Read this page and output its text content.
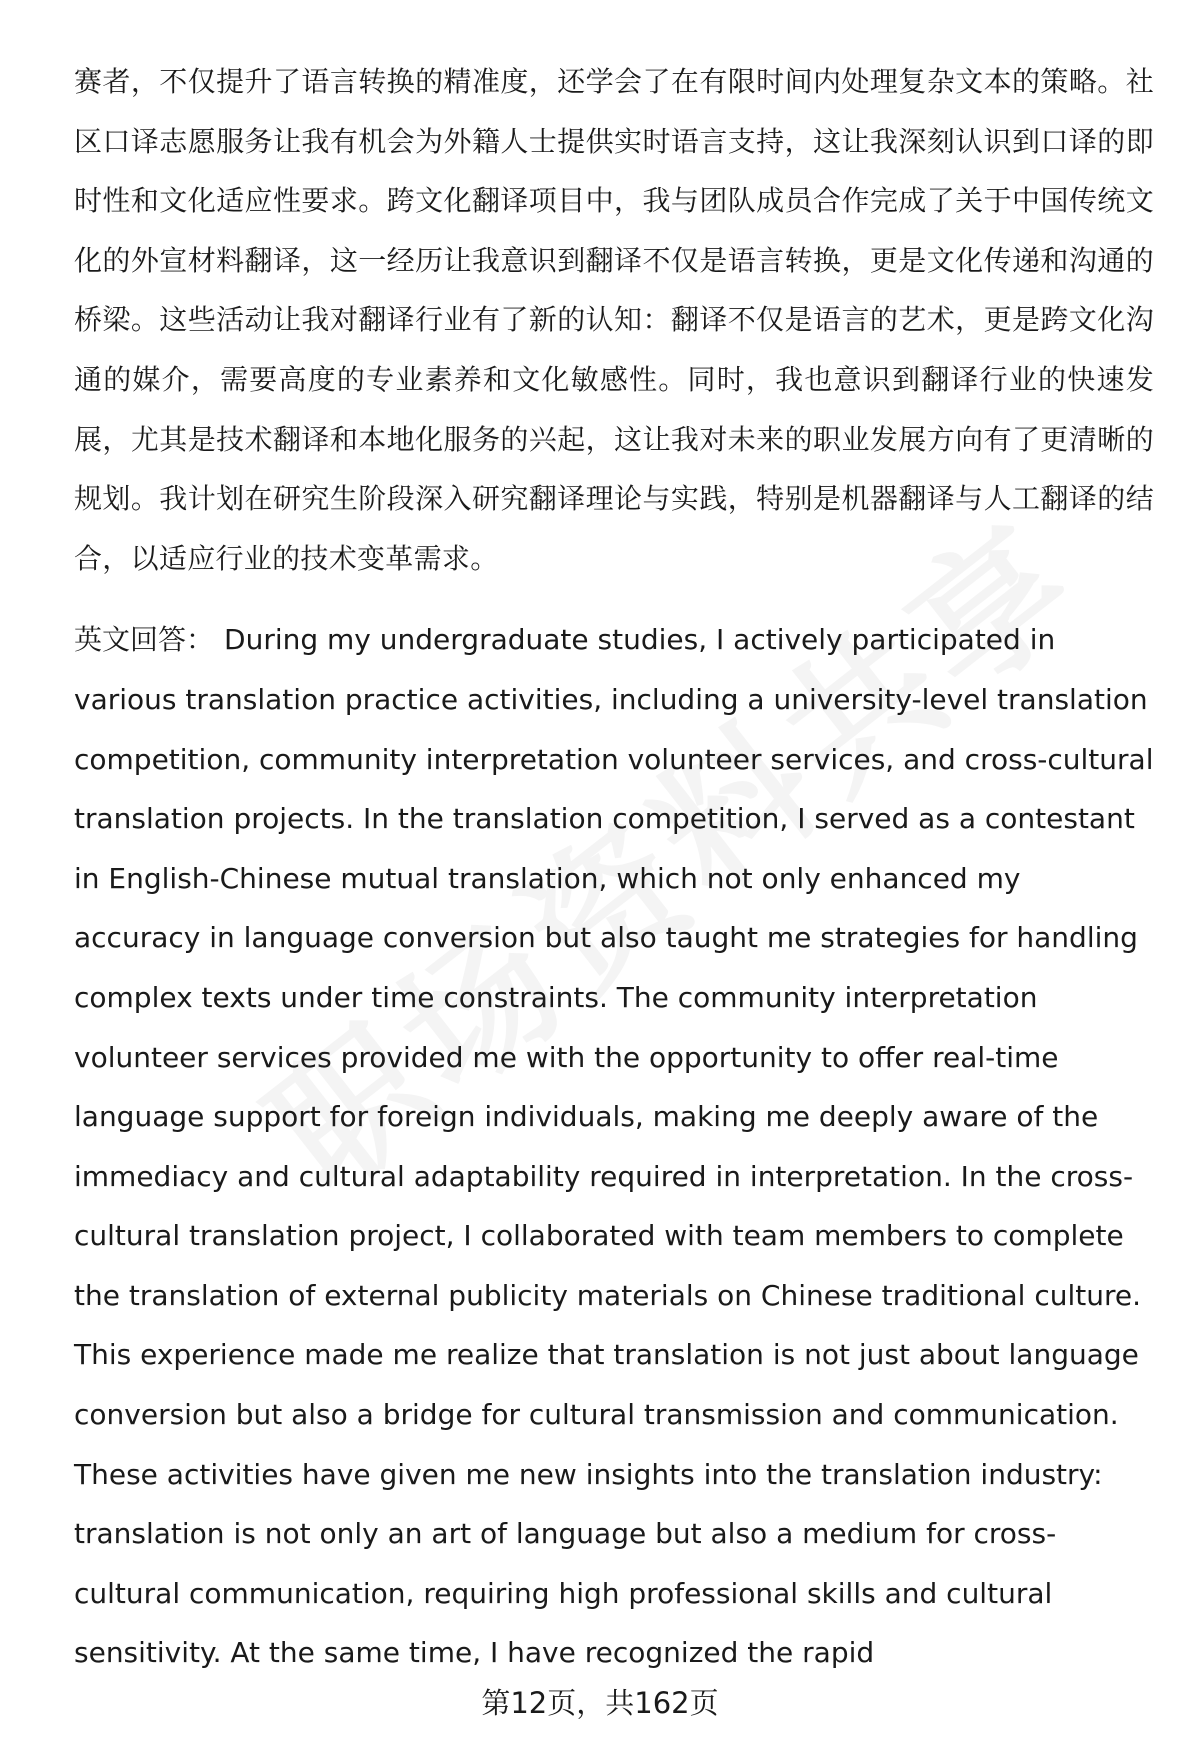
赛者，不仅提升了语言转换的精准度，还学会了在有限时间内处理复杂文本的策略。社区口译志愿服务让我有机会为外籍人士提供实时语言支持，这让我深刻认识到口译的即时性和文化适应性要求。跨文化翻译项目中，我与团队成员合作完成了关于中国传统文化的外宣材料翻译，这一经历让我意识到翻译不仅是语言转换，更是文化传递和沟通的桥梁。这些活动让我对翻译行业有了新的认知：翻译不仅是语言的艺术，更是跨文化沟通的媒介，需要高度的专业素养和文化敏感性。同时，我也意识到翻译行业的快速发展，尤其是技术翻译和本地化服务的兴起，这让我对未来的职业发展方向有了更清晰的规划。我计划在研究生阶段深入研究翻译理论与实践，特别是机器翻译与人工翻译的结合，以适应行业的技术变革需求。

英文回答： During my undergraduate studies, I actively participated in various translation practice activities, including a university-level translation competition, community interpretation volunteer services, and cross-cultural translation projects. In the translation competition, I served as a contestant in English-Chinese mutual translation, which not only enhanced my accuracy in language conversion but also taught me strategies for handling complex texts under time constraints. The community interpretation volunteer services provided me with the opportunity to offer real-time language support for foreign individuals, making me deeply aware of the immediacy and cultural adaptability required in interpretation. In the cross-cultural translation project, I collaborated with team members to complete the translation of external publicity materials on Chinese traditional culture. This experience made me realize that translation is not just about language conversion but also a bridge for cultural transmission and communication. These activities have given me new insights into the translation industry: translation is not only an art of language but also a medium for cross-cultural communication, requiring high professional skills and cultural sensitivity. At the same time, I have recognized the rapid

第12页，共162页
